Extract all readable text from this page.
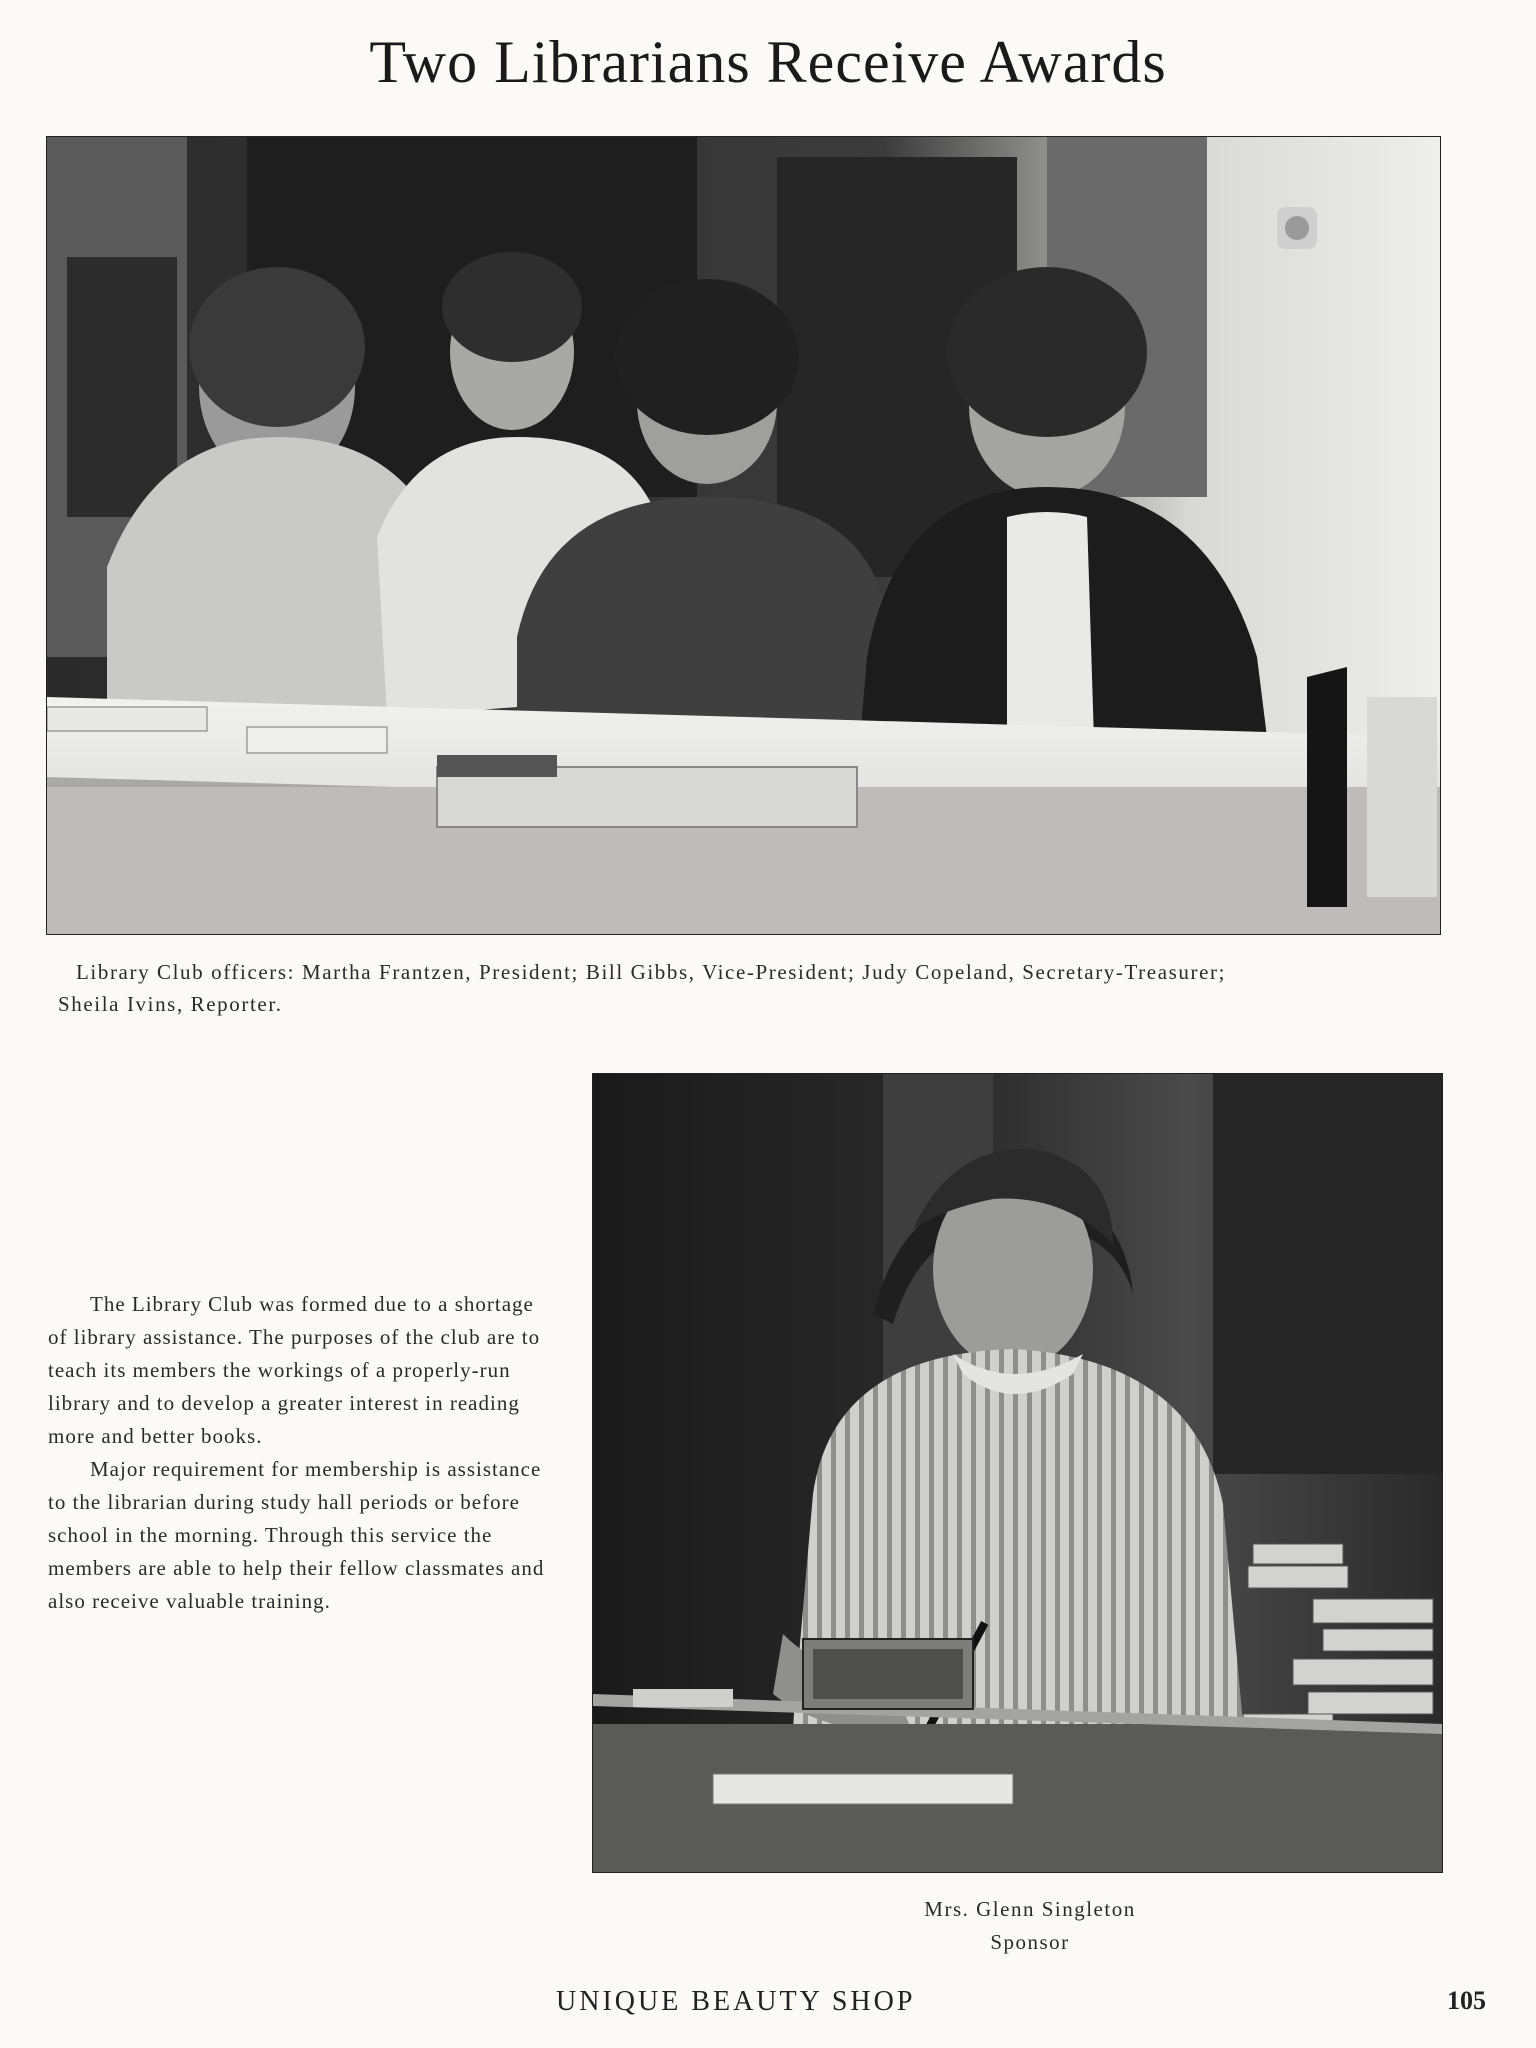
Two Librarians Receive Awards
Library Club officers: Martha Frantzen, President; Bill Gibbs, Vice-President; Judy Copeland, Secretary-Treasurer;
Sheila Ivins, Reporter.

The Library Club was formed due to a shortage of library assistance. The purposes of the club are to teach its members the workings of a properly-run library and to develop a greater interest in reading more and better books.

Major requirement for membership is assistance to the librarian during study hall periods or before school in the morning. Through this service the members are able to help their fellow classmates and also receive valuable training.

Mrs. Glenn Singleton
Sponsor
UNIQUE BEAUTY SHOP	105
